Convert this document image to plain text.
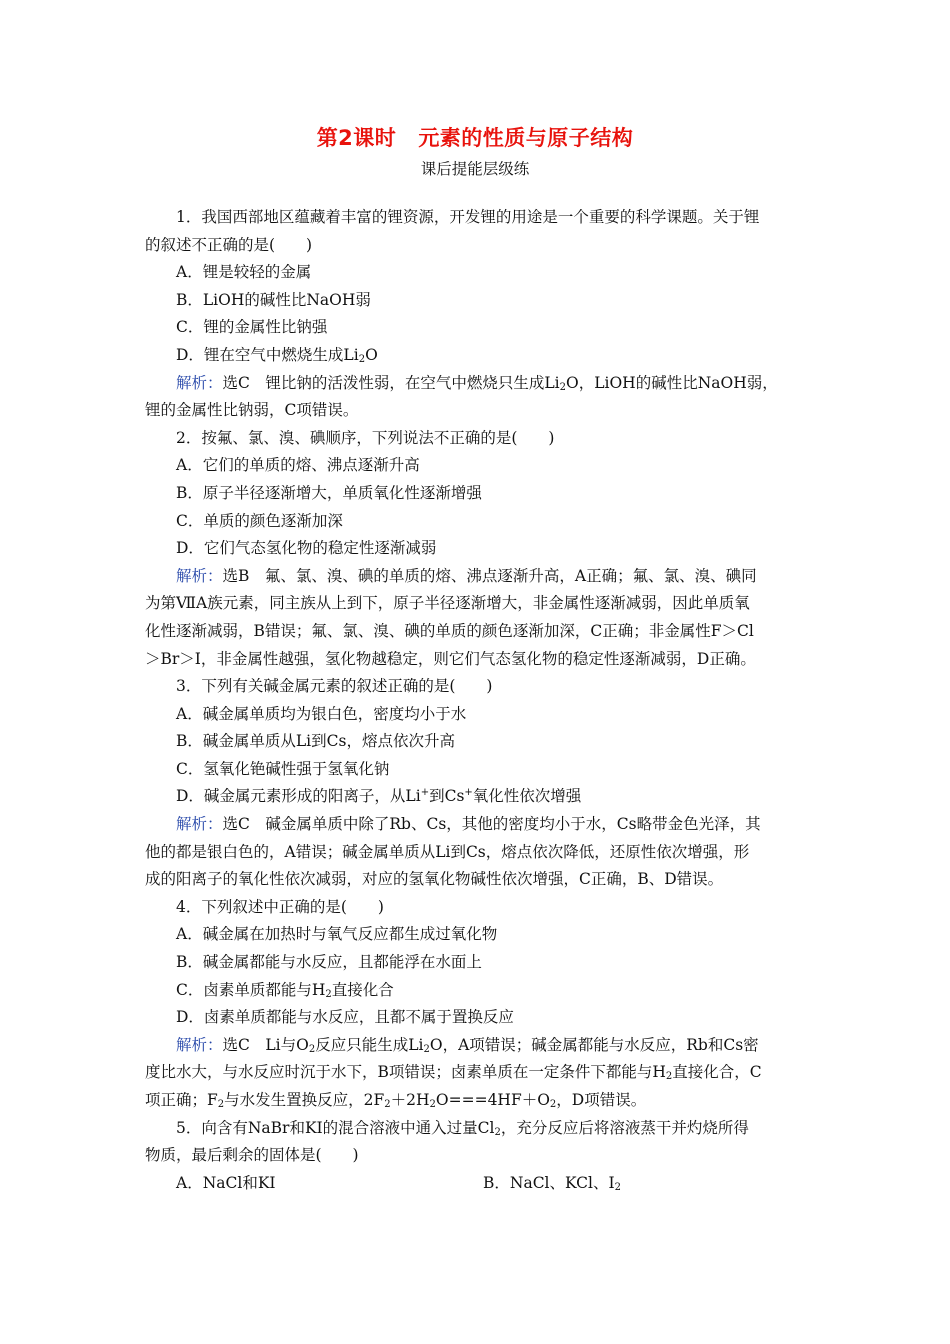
第2课时 元素的性质与原子结构
课后提能层级练
1．我国西部地区蕴藏着丰富的锂资源，开发锂的用途是一个重要的科学课题。关于锂
的叙述不正确的是(　　)
A．锂是较轻的金属
B．LiOH的碱性比NaOH弱
C．锂的金属性比钠强
D．锂在空气中燃烧生成$Li_2O$
解析：选C　锂比钠的活泼性弱，在空气中燃烧只生成$Li_2O$，LiOH的碱性比NaOH弱，
锂的金属性比钠弱，C项错误。
2．按氟、氯、溴、碘顺序，下列说法不正确的是(　　)
A．它们的单质的熔、沸点逐渐升高
B．原子半径逐渐增大，单质氧化性逐渐增强
C．单质的颜色逐渐加深
D．它们气态氢化物的稳定性逐渐减弱
解析：选B　氟、氯、溴、碘的单质的熔、沸点逐渐升高，A正确；氟、氯、溴、碘同
为第ⅦA族元素，同主族从上到下，原子半径逐渐增大，非金属性逐渐减弱，因此单质氧
化性逐渐减弱，B错误；氟、氯、溴、碘的单质的颜色逐渐加深，C正确；非金属性F＞Cl
＞Br＞I，非金属性越强，氢化物越稳定，则它们气态氢化物的稳定性逐渐减弱，D正确。
3．下列有关碱金属元素的叙述正确的是(　　)
A．碱金属单质均为银白色，密度均小于水
B．碱金属单质从Li到Cs，熔点依次升高
C．氢氧化铯碱性强于氢氧化钠
D．碱金属元素形成的阳离子，从Li+到Cs+氧化性依次增强
解析：选C　碱金属单质中除了Rb、Cs，其他的密度均小于水，Cs略带金色光泽，其
他的都是银白色的，A错误；碱金属单质从Li到Cs，熔点依次降低，还原性依次增强，形
成的阳离子的氧化性依次减弱，对应的氢氧化物碱性依次增强，C正确，B、D错误。
4．下列叙述中正确的是(　　)
A．碱金属在加热时与氧气反应都生成过氧化物
B．碱金属都能与水反应，且都能浮在水面上
C．卤素单质都能与$H_2$直接化合
D．卤素单质都能与水反应，且都不属于置换反应
解析：选C　Li与$O_2$反应只能生成$Li_2O$，A项错误；碱金属都能与水反应，Rb和Cs密
度比水大，与水反应时沉于水下，B项错误；卤素单质在一定条件下都能与$H_2$直接化合，C
项正确；$F_2$与水发生置换反应，$2F_2+2H_2O===4HF+O_2$，D项错误。
5．向含有NaBr和KI的混合溶液中通入过量$Cl_2$，充分反应后将溶液蒸干并灼烧所得
物质，最后剩余的固体是(　　)
A．NaCl和KI	B．NaCl、KCl、$I_2$
